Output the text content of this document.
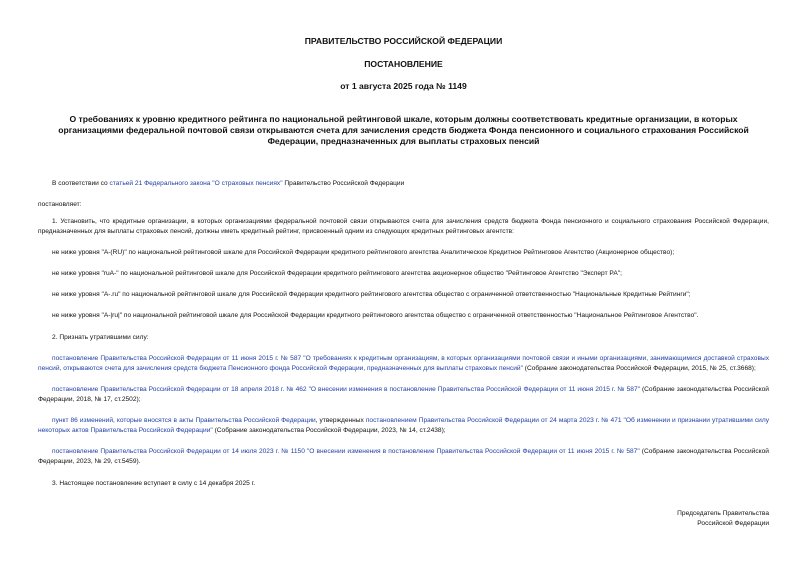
ПРАВИТЕЛЬСТВО РОССИЙСКОЙ ФЕДЕРАЦИИ
ПОСТАНОВЛЕНИЕ
от 1 августа 2025 года № 1149
О требованиях к уровню кредитного рейтинга по национальной рейтинговой шкале, которым должны соответствовать кредитные организации, в которых организациями федеральной почтовой связи открываются счета для зачисления средств бюджета Фонда пенсионного и социального страхования Российской Федерации, предназначенных для выплаты страховых пенсий

В соответствии со статьей 21 Федерального закона "О страховых пенсиях" Правительство Российской Федерации

постановляет:

1. Установить, что кредитные организации, в которых организациями федеральной почтовой связи открываются счета для зачисления средств бюджета Фонда пенсионного и социального страхования Российской Федерации, предназначенных для выплаты страховых пенсий, должны иметь кредитный рейтинг, присвоенный одним из следующих кредитных рейтинговых агентств:

не ниже уровня "A-(RU)" по национальной рейтинговой шкале для Российской Федерации кредитного рейтингового агентства Аналитическое Кредитное Рейтинговое Агентство (Акционерное общество);

не ниже уровня "ruA-" по национальной рейтинговой шкале для Российской Федерации кредитного рейтингового агентства акционерное общество "Рейтинговое Агентство "Эксперт РА";

не ниже уровня "A-.ru" по национальной рейтинговой шкале для Российской Федерации кредитного рейтингового агентства общество с ограниченной ответственностью "Национальные Кредитные Рейтинги";

не ниже уровня "A-|ru|" по национальной рейтинговой шкале для Российской Федерации кредитного рейтингового агентства общество с ограниченной ответственностью "Национальное Рейтинговое Агентство".

2. Признать утратившими силу:

постановление Правительства Российской Федерации от 11 июня 2015 г. № 587 "О требованиях к кредитным организациям, в которых организациями почтовой связи и иными организациями, занимающимися доставкой страховых пенсий, открываются счета для зачисления средств бюджета Пенсионного фонда Российской Федерации, предназначенных для выплаты страховых пенсий" (Собрание законодательства Российской Федерации, 2015, № 25, ст.3668);

постановление Правительства Российской Федерации от 18 апреля 2018 г. № 462 "О внесении изменения в постановление Правительства Российской Федерации от 11 июня 2015 г. № 587" (Собрание законодательства Российской Федерации, 2018, № 17, ст.2502);

пункт 86 изменений, которые вносятся в акты Правительства Российской Федерации, утвержденных постановлением Правительства Российской Федерации от 24 марта 2023 г. № 471 "Об изменении и признании утратившими силу некоторых актов Правительства Российской Федерации" (Собрание законодательства Российской Федерации, 2023, № 14, ст.2438);

постановление Правительства Российской Федерации от 14 июля 2023 г. № 1150 "О внесении изменения в постановление Правительства Российской Федерации от 11 июня 2015 г. № 587" (Собрание законодательства Российской Федерации, 2023, № 29, ст.5459).

3. Настоящее постановление вступает в силу с 14 декабря 2025 г.

Председатель Правительства
Российской Федерации
